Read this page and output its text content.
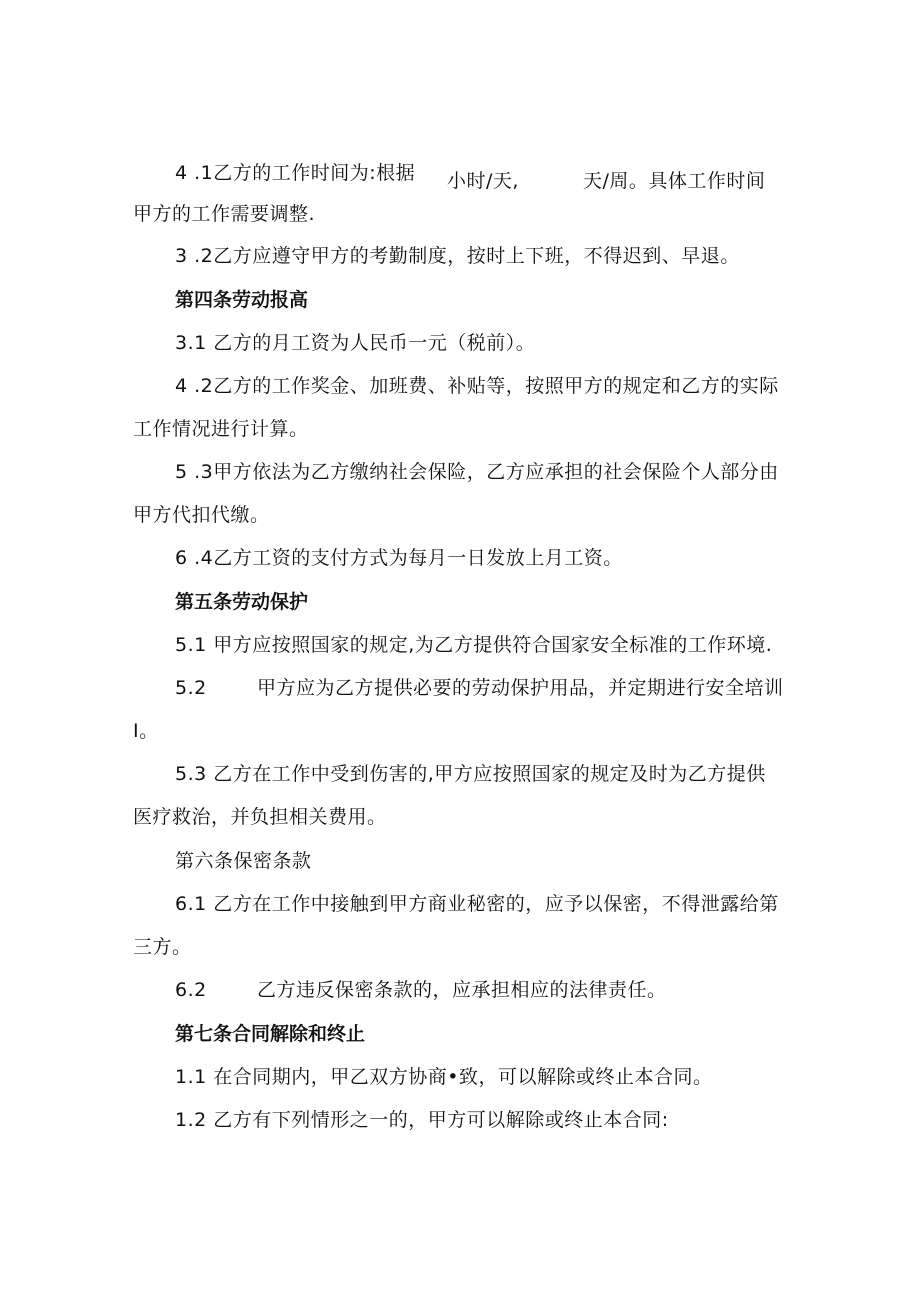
4 .1乙方的工作时间为:根据 小时/天,	天/周。具体工作时间
甲方的工作需要调整.
3 .2乙方应遵守甲方的考勤制度，按时上下班，不得迟到、早退。
第四条劳动报高
3.1 乙方的月工资为人民币一元（税前）。
4 .2乙方的工作奖金、加班费、补贴等，按照甲方的规定和乙方的实际
工作情况进行计算。
5 .3甲方依法为乙方缴纳社会保险，乙方应承担的社会保险个人部分由
甲方代扣代缴。
6 .4乙方工资的支付方式为每月一日发放上月工资。
第五条劳动保护
5.1 甲方应按照国家的规定,为乙方提供符合国家安全标准的工作环境.
5.2	甲方应为乙方提供必要的劳动保护用品，并定期进行安全培训
I。
5.3 乙方在工作中受到伤害的,甲方应按照国家的规定及时为乙方提供
医疗救治，并负担相关费用。
第六条保密条款
6.1 乙方在工作中接触到甲方商业秘密的，应予以保密，不得泄露给第
三方。
6.2	乙方违反保密条款的，应承担相应的法律责任。
第七条合同解除和终止
1.1 在合同期内，甲乙双方协商•致，可以解除或终止本合同。
1.2 乙方有下列情形之一的，甲方可以解除或终止本合同:
